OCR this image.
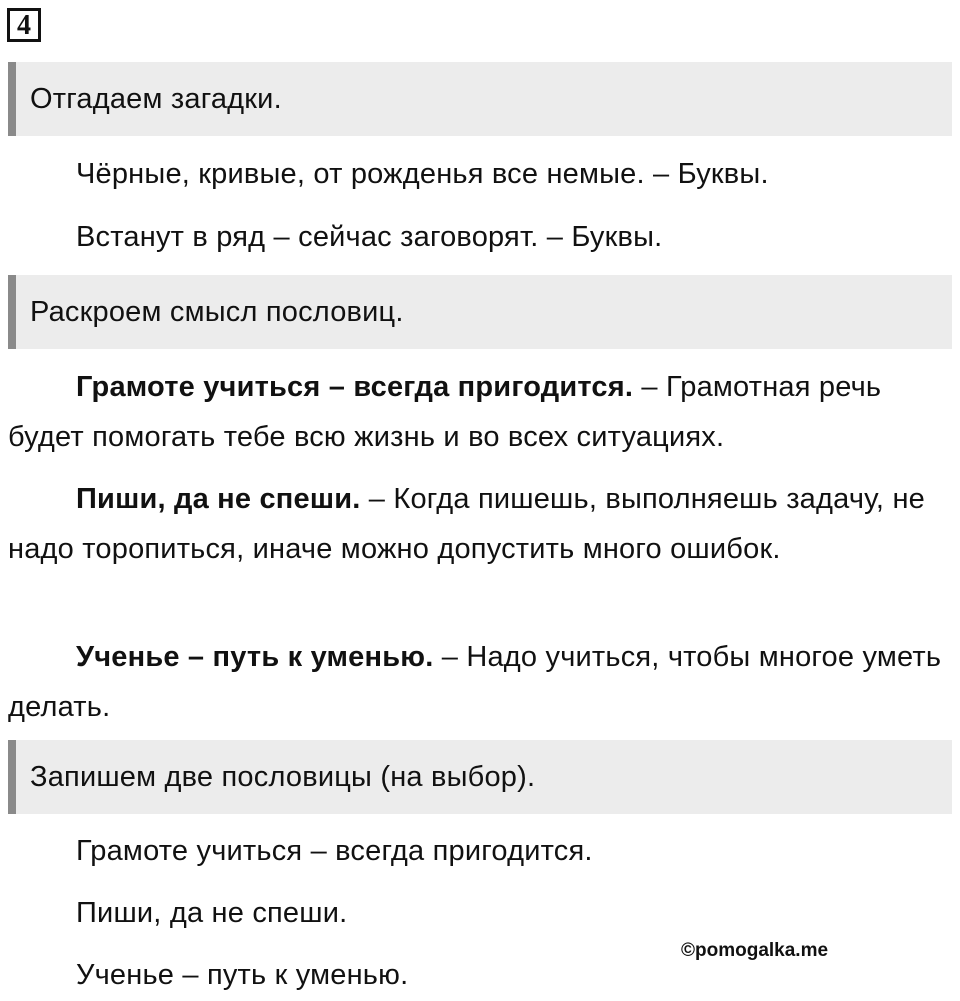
4
Отгадаем загадки.
Чёрные, кривые, от рожденья все немые. – Буквы.
Встанут в ряд – сейчас заговорят. – Буквы.
Раскроем смысл пословиц.
Грамоте учиться – всегда пригодится. – Грамотная речь будет помогать тебе всю жизнь и во всех ситуациях.
Пиши, да не спеши. – Когда пишешь, выполняешь задачу, не надо торопиться, иначе можно допустить много ошибок.
Ученье – путь к уменью. – Надо учиться, чтобы многое уметь делать.
Запишем две пословицы (на выбор).
Грамоте учиться – всегда пригодится.
Пиши, да не спеши.
Ученье – путь к уменью.
©pomogalka.me
